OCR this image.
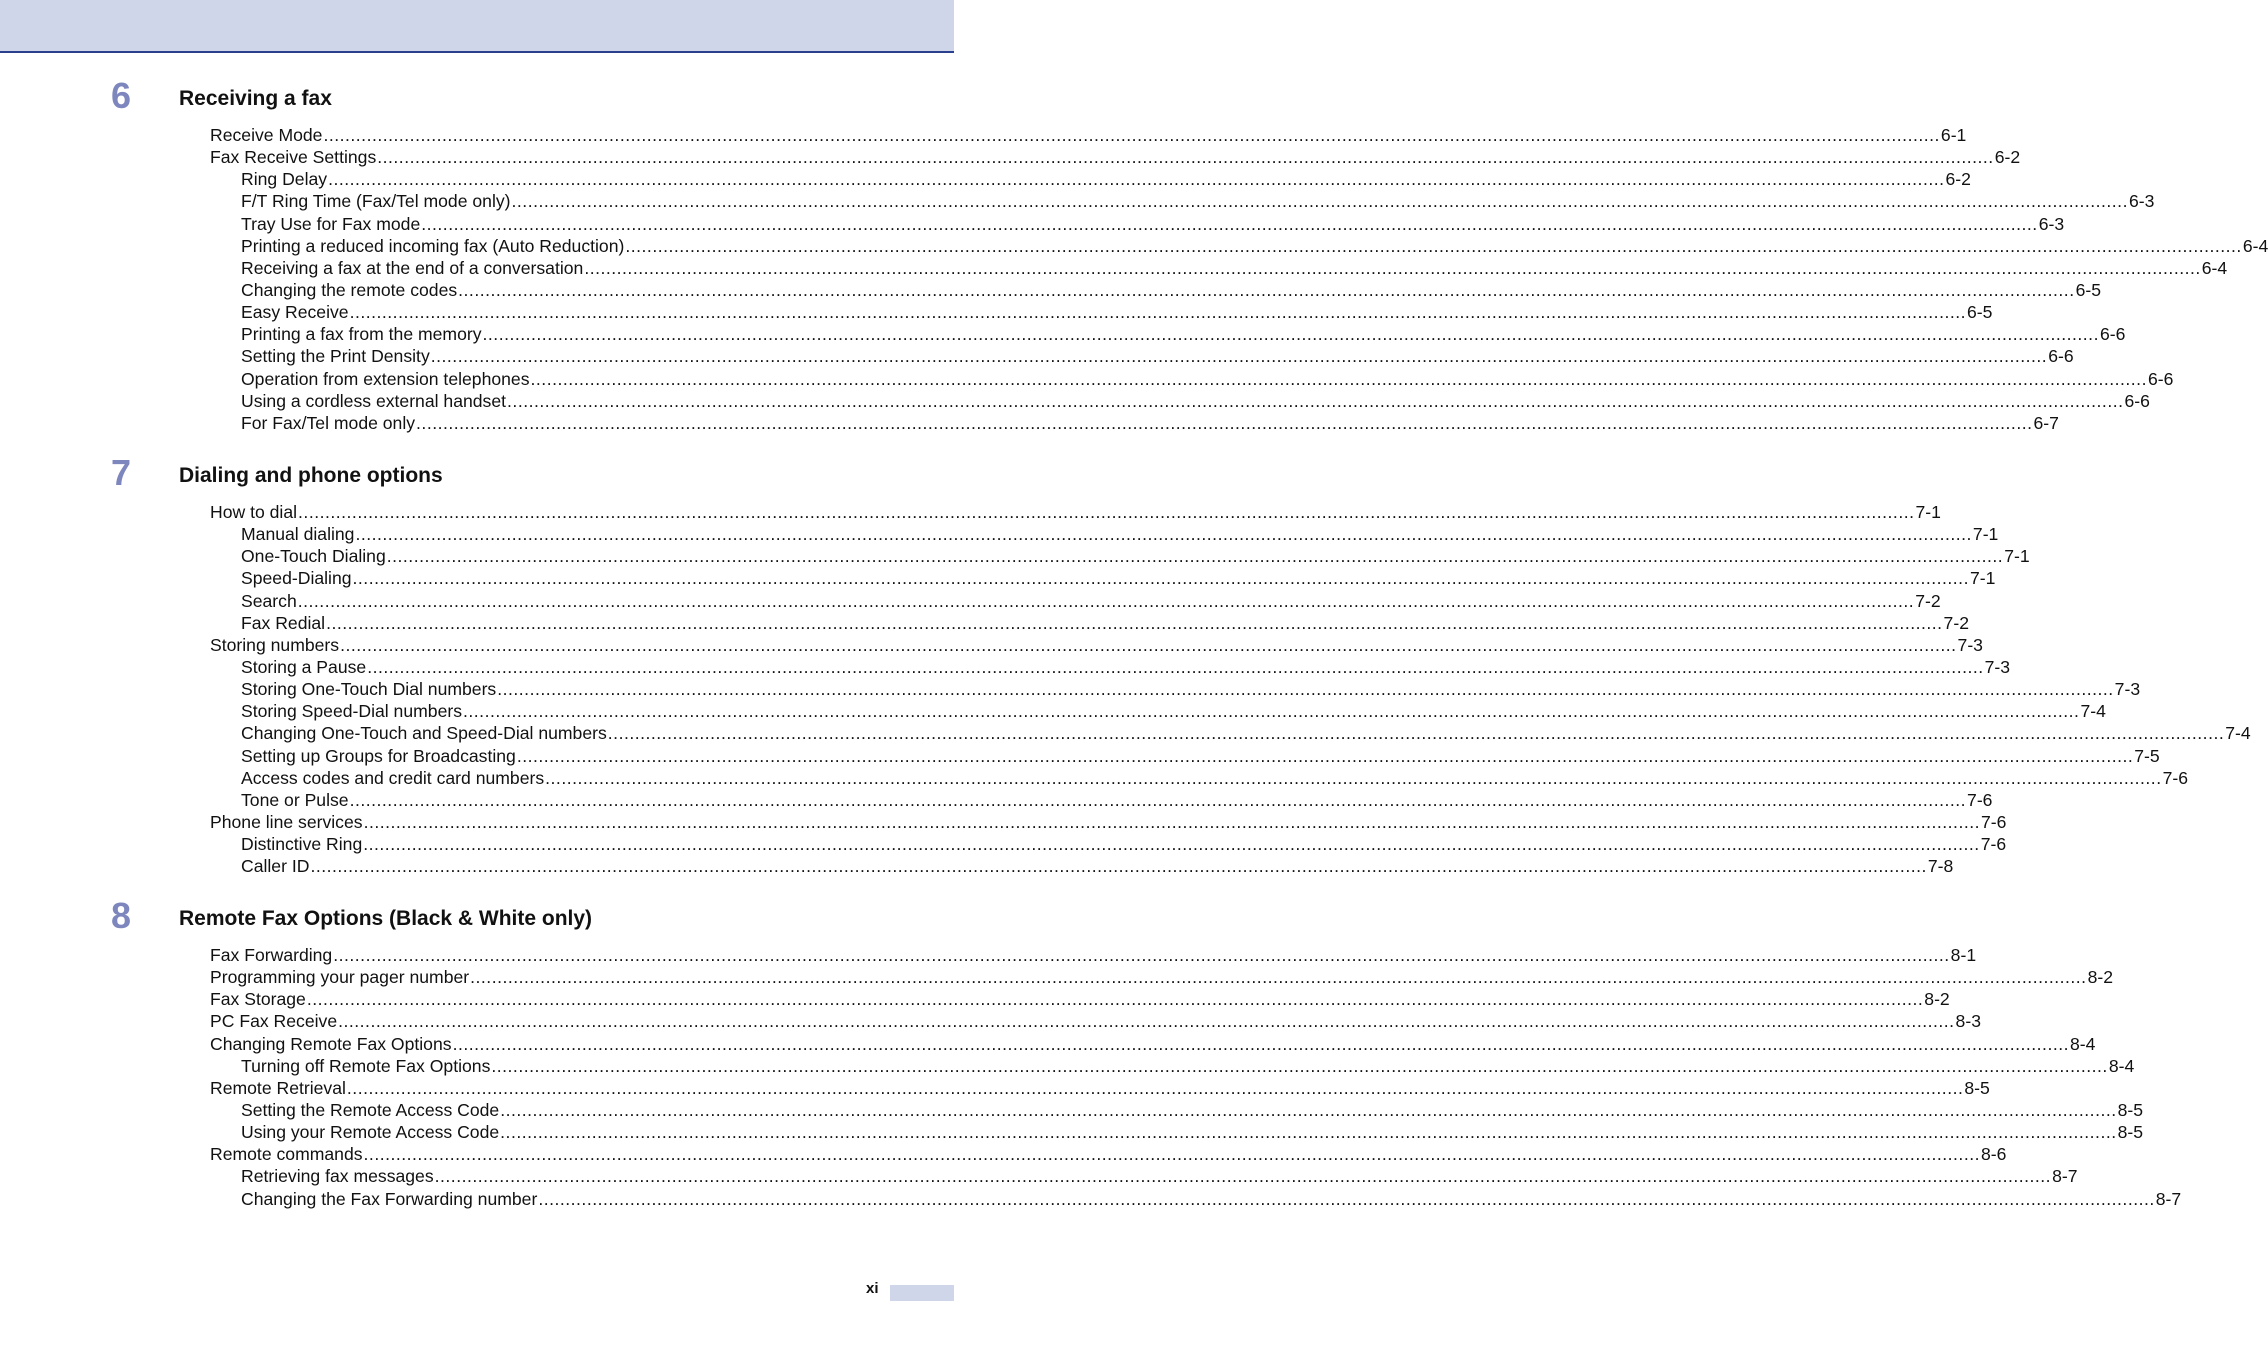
6 Receiving a fax
Receive Mode ............................................................................................................................................................................................................................................................................................................ 6-1
Fax Receive Settings ............................................................................................................................................................................................................................................................................................................ 6-2
Ring Delay ............................................................................................................................................................................................................................................................................................................ 6-2
F/T Ring Time (Fax/Tel mode only) ............................................................................................................................................................................................................................................................................................................ 6-3
Tray Use for Fax mode ............................................................................................................................................................................................................................................................................................................ 6-3
Printing a reduced incoming fax (Auto Reduction) ............................................................................................................................................................................................................................................................................................................ 6-4
Receiving a fax at the end of a conversation ............................................................................................................................................................................................................................................................................................................ 6-4
Changing the remote codes ............................................................................................................................................................................................................................................................................................................ 6-5
Easy Receive ............................................................................................................................................................................................................................................................................................................ 6-5
Printing a fax from the memory ............................................................................................................................................................................................................................................................................................................ 6-6
Setting the Print Density ............................................................................................................................................................................................................................................................................................................ 6-6
Operation from extension telephones ............................................................................................................................................................................................................................................................................................................ 6-6
Using a cordless external handset ............................................................................................................................................................................................................................................................................................................ 6-6
For Fax/Tel mode only ............................................................................................................................................................................................................................................................................................................ 6-7
7 Dialing and phone options
How to dial ............................................................................................................................................................................................................................................................................................................ 7-1
Manual dialing ............................................................................................................................................................................................................................................................................................................ 7-1
One-Touch Dialing ............................................................................................................................................................................................................................................................................................................ 7-1
Speed-Dialing ............................................................................................................................................................................................................................................................................................................ 7-1
Search ............................................................................................................................................................................................................................................................................................................ 7-2
Fax Redial ............................................................................................................................................................................................................................................................................................................ 7-2
Storing numbers ............................................................................................................................................................................................................................................................................................................ 7-3
Storing a Pause ............................................................................................................................................................................................................................................................................................................ 7-3
Storing One-Touch Dial numbers ............................................................................................................................................................................................................................................................................................................ 7-3
Storing Speed-Dial numbers ............................................................................................................................................................................................................................................................................................................ 7-4
Changing One-Touch and Speed-Dial numbers ............................................................................................................................................................................................................................................................................................................ 7-4
Setting up Groups for Broadcasting ............................................................................................................................................................................................................................................................................................................ 7-5
Access codes and credit card numbers ............................................................................................................................................................................................................................................................................................................ 7-6
Tone or Pulse ............................................................................................................................................................................................................................................................................................................ 7-6
Phone line services ............................................................................................................................................................................................................................................................................................................ 7-6
Distinctive Ring ............................................................................................................................................................................................................................................................................................................ 7-6
Caller ID ............................................................................................................................................................................................................................................................................................................ 7-8
8 Remote Fax Options (Black & White only)
Fax Forwarding ............................................................................................................................................................................................................................................................................................................ 8-1
Programming your pager number ............................................................................................................................................................................................................................................................................................................ 8-2
Fax Storage ............................................................................................................................................................................................................................................................................................................ 8-2
PC Fax Receive ............................................................................................................................................................................................................................................................................................................ 8-3
Changing Remote Fax Options ............................................................................................................................................................................................................................................................................................................ 8-4
Turning off Remote Fax Options ............................................................................................................................................................................................................................................................................................................ 8-4
Remote Retrieval ............................................................................................................................................................................................................................................................................................................ 8-5
Setting the Remote Access Code ............................................................................................................................................................................................................................................................................................................ 8-5
Using your Remote Access Code ............................................................................................................................................................................................................................................................................................................ 8-5
Remote commands ............................................................................................................................................................................................................................................................................................................ 8-6
Retrieving fax messages ............................................................................................................................................................................................................................................................................................................ 8-7
Changing the Fax Forwarding number ............................................................................................................................................................................................................................................................................................................ 8-7
xi
